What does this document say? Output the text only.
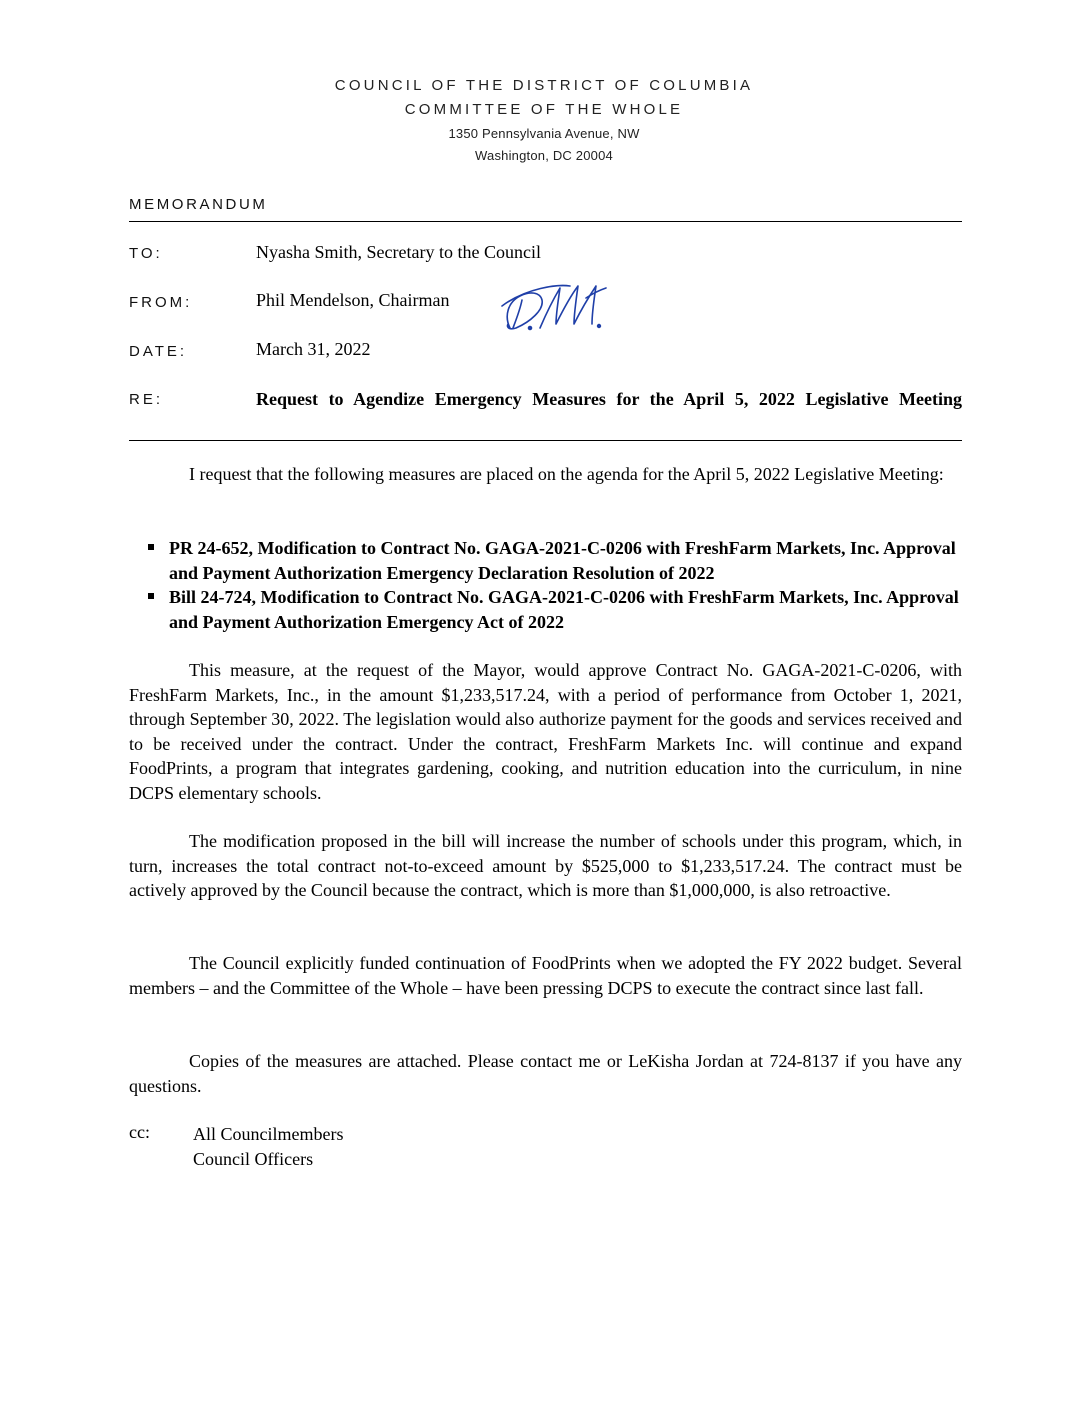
COUNCIL OF THE DISTRICT OF COLUMBIA
COMMITTEE OF THE WHOLE
1350 Pennsylvania Avenue, NW
Washington, DC 20004
MEMORANDUM
TO:	Nyasha Smith, Secretary to the Council
FROM:	Phil Mendelson, Chairman
DATE:	March 31, 2022
RE:	Request to Agendize Emergency Measures for the April 5, 2022 Legislative Meeting

I request that the following measures are placed on the agenda for the April 5, 2022 Legislative Meeting:

PR 24-652, Modification to Contract No. GAGA-2021-C-0206 with FreshFarm Markets, Inc. Approval and Payment Authorization Emergency Declaration Resolution of 2022
Bill 24-724, Modification to Contract No. GAGA-2021-C-0206 with FreshFarm Markets, Inc. Approval and Payment Authorization Emergency Act of 2022

This measure, at the request of the Mayor, would approve Contract No. GAGA-2021-C-0206, with FreshFarm Markets, Inc., in the amount $1,233,517.24, with a period of performance from October 1, 2021, through September 30, 2022. The legislation would also authorize payment for the goods and services received and to be received under the contract. Under the contract, FreshFarm Markets Inc. will continue and expand FoodPrints, a program that integrates gardening, cooking, and nutrition education into the curriculum, in nine DCPS elementary schools.

The modification proposed in the bill will increase the number of schools under this program, which, in turn, increases the total contract not-to-exceed amount by $525,000 to $1,233,517.24. The contract must be actively approved by the Council because the contract, which is more than $1,000,000, is also retroactive.

The Council explicitly funded continuation of FoodPrints when we adopted the FY 2022 budget. Several members – and the Committee of the Whole – have been pressing DCPS to execute the contract since last fall.

Copies of the measures are attached. Please contact me or LeKisha Jordan at 724-8137 if you have any questions.

cc: All Councilmembers
Council Officers
